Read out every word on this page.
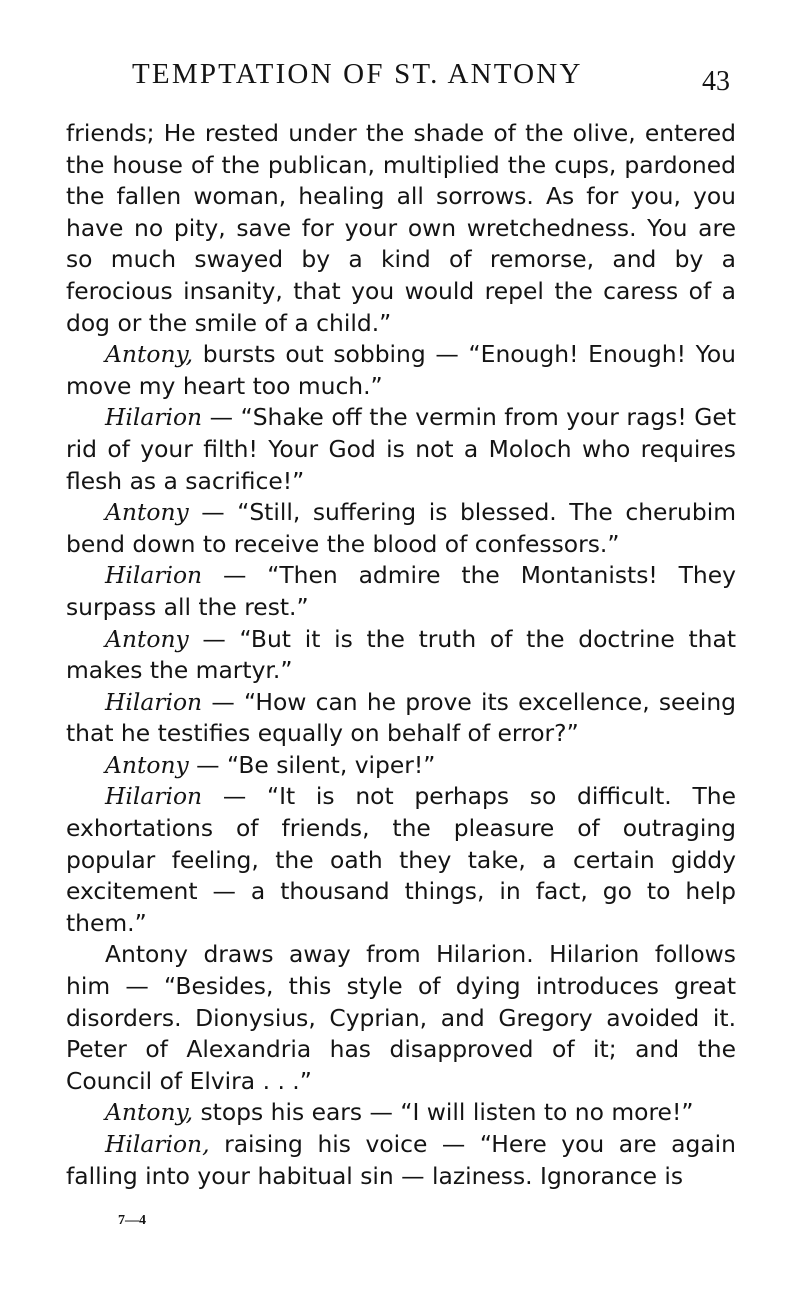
TEMPTATION OF ST. ANTONY	43

friends; He rested under the shade of the olive, entered the house of the publican, multiplied the cups, pardoned the fallen woman, healing all sorrows. As for you, you have no pity, save for your own wretchedness. You are so much swayed by a kind of remorse, and by a ferocious insanity, that you would repel the caress of a dog or the smile of a child.”

Antony, bursts out sobbing — “Enough! Enough! You move my heart too much.”

Hilarion — “Shake off the vermin from your rags! Get rid of your filth! Your God is not a Moloch who requires flesh as a sacrifice!”

Antony — “Still, suffering is blessed. The cherubim bend down to receive the blood of confessors.”

Hilarion — “Then admire the Montanists! They surpass all the rest.”

Antony — “But it is the truth of the doctrine that makes the martyr.”

Hilarion — “How can he prove its excellence, seeing that he testifies equally on behalf of error?”

Antony — “Be silent, viper!”

Hilarion — “It is not perhaps so difficult. The exhortations of friends, the pleasure of outraging popular feeling, the oath they take, a certain giddy excitement — a thousand things, in fact, go to help them.”

Antony draws away from Hilarion. Hilarion follows him — “Besides, this style of dying introduces great disorders. Dionysius, Cyprian, and Gregory avoided it. Peter of Alexandria has disapproved of it; and the Council of Elvira . . .”

Antony, stops his ears — “I will listen to no more!”

Hilarion, raising his voice — “Here you are again falling into your habitual sin — laziness. Ignorance is

7—4
